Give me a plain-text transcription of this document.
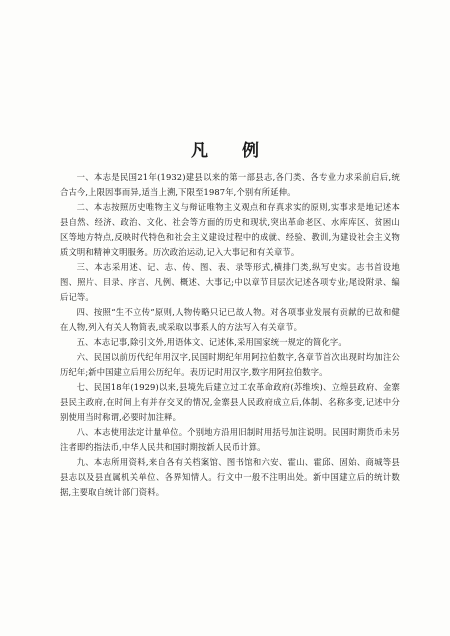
凡 例

一、本志是民国21年(1932)建县以来的第一部县志,各门类、各专业力求采前启后,统合古今,上限因事而异,适当上溯,下限至1987年,个别有所延伸。

二、本志按照历史唯物主义与辩证唯物主义观点和存真求实的原则,实事求是地记述本县自然、经济、政治、文化、社会等方面的历史和现状,突出革命老区、水库库区、贫困山区等地方特点,反映时代特色和社会主义建设过程中的成就、经验、教训,为建设社会主义物质文明和精神文明服务。历次政治运动,记入大事记和有关章节。

三、本志采用述、记、志、传、图、表、录等形式,横排门类,纵写史实。志书首设地图、照片、目录、序言、凡例、概述、大事记;中以章节目层次记述各项专业;尾设附录、编后记等。

四、按照“生不立传”原则,人物传略只记已故人物。对各项事业发展有贡献的已故和健在人物,列入有关人物简表,或采取以事系人的方法写入有关章节。

五、本志记事,除引文外,用语体文、记述体,采用国家统一规定的简化字。

六、民国以前历代纪年用汉字,民国时期纪年用阿拉伯数字,各章节首次出现时均加注公历纪年;新中国建立后用公历纪年。表历记时用汉字,数字用阿拉伯数字。

七、民国18年(1929)以来,县境先后建立过工农革命政府(苏维埃)、立煌县政府、金寨县民主政府,在时间上有并存交叉的情况,金寨县人民政府成立后,体制、名称多变,记述中分别使用当时称谓,必要时加注释。

八、本志使用法定计量单位。个别地方沿用旧制时用括号加注说明。民国时期货币未另注者即约指法币,中华人民共和国时期按新人民币计算。

九、本志所用资料,来自各有关档案馆、图书馆和六安、霍山、霍邱、固始、商城等县县志以及县直属机关单位、各界知情人。行文中一般不注明出处。新中国建立后的统计数据,主要取自统计部门资料。
